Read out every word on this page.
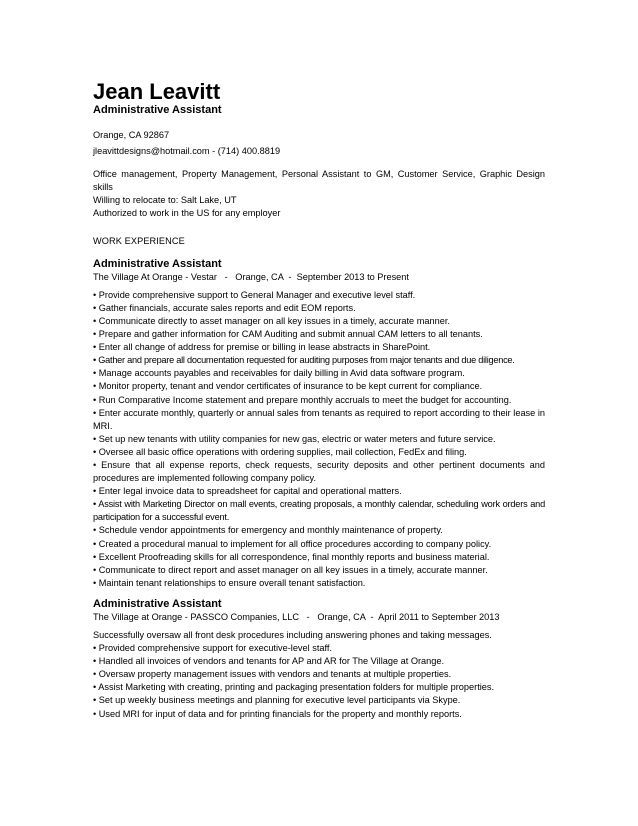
Jean Leavitt
Administrative Assistant

Orange, CA 92867

jleavittdesigns@hotmail.com - (714) 400.8819

Office management, Property Management, Personal Assistant to GM, Customer Service, Graphic Design skills

Willing to relocate to: Salt Lake, UT

Authorized to work in the US for any employer

WORK EXPERIENCE

Administrative Assistant

The Village At Orange - Vestar   -   Orange, CA  -  September 2013 to Present

• Provide comprehensive support to General Manager and executive level staff.
• Gather financials, accurate sales reports and edit EOM reports.
• Communicate directly to asset manager on all key issues in a timely, accurate manner.
• Prepare and gather information for CAM Auditing and submit annual CAM letters to all tenants.
• Enter all change of address for premise or billing in lease abstracts in SharePoint.
• Gather and prepare all documentation requested for auditing purposes from major tenants and due diligence.
• Manage accounts payables and receivables for daily billing in Avid data software program.
• Monitor property, tenant and vendor certificates of insurance to be kept current for compliance.
• Run Comparative Income statement and prepare monthly accruals to meet the budget for accounting.
• Enter accurate monthly, quarterly or annual sales from tenants as required to report according to their lease in MRI.
• Set up new tenants with utility companies for new gas, electric or water meters and future service.
• Oversee all basic office operations with ordering supplies, mail collection, FedEx and filing.
• Ensure that all expense reports, check requests, security deposits and other pertinent documents and procedures are implemented following company policy.
• Enter legal invoice data to spreadsheet for capital and operational matters.
• Assist with Marketing Director on mall events, creating proposals, a monthly calendar, scheduling work orders and participation for a successful event.
• Schedule vendor appointments for emergency and monthly maintenance of property.
• Created a procedural manual to implement for all office procedures according to company policy.
• Excellent Proofreading skills for all correspondence, final monthly reports and business material.
• Communicate to direct report and asset manager on all key issues in a timely, accurate manner.
• Maintain tenant relationships to ensure overall tenant satisfaction.

Administrative Assistant

The Village at Orange - PASSCO Companies, LLC   -   Orange, CA  -  April 2011 to September 2013

Successfully oversaw all front desk procedures including answering phones and taking messages.

• Provided comprehensive support for executive-level staff.
• Handled all invoices of vendors and tenants for AP and AR for The Village at Orange.
• Oversaw property management issues with vendors and tenants at multiple properties.
• Assist Marketing with creating, printing and packaging presentation folders for multiple properties.
• Set up weekly business meetings and planning for executive level participants via Skype.
• Used MRI for input of data and for printing financials for the property and monthly reports.
